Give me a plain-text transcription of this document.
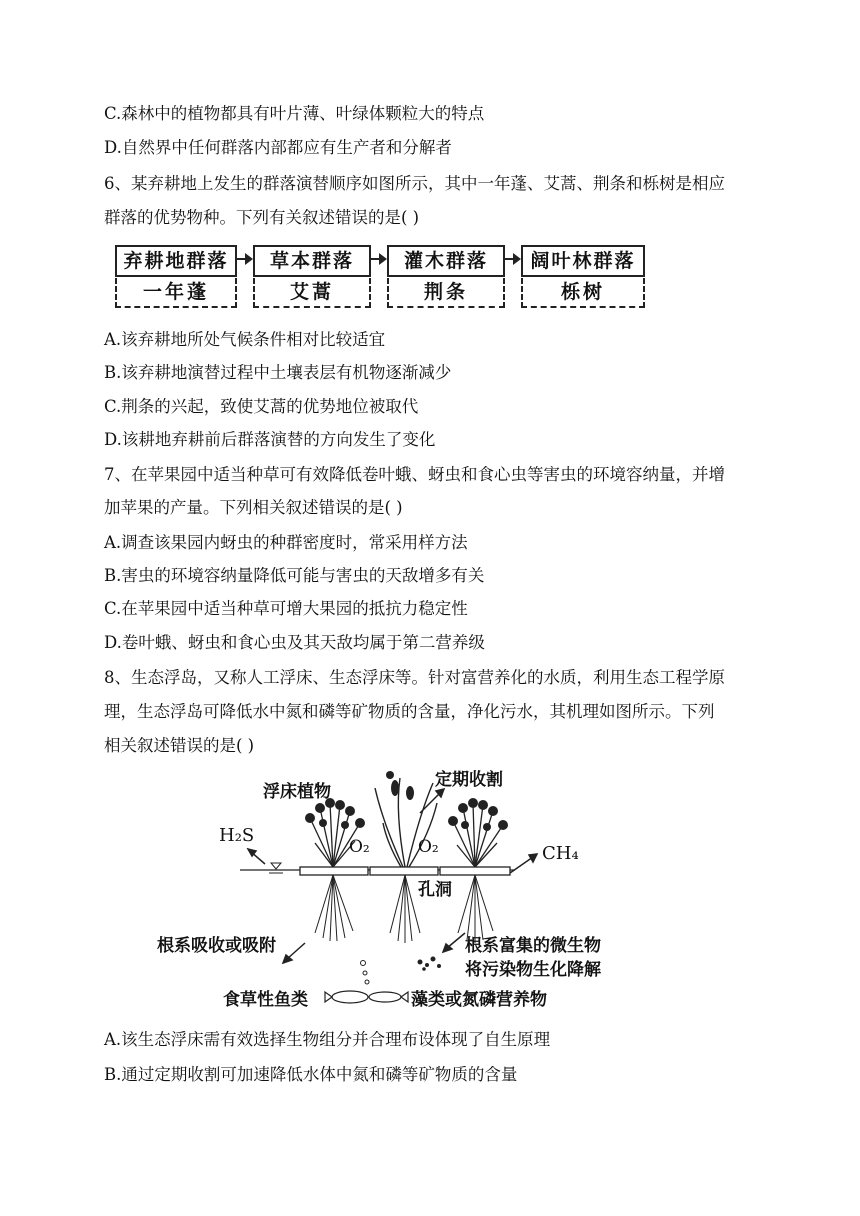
C.森林中的植物都具有叶片薄、叶绿体颗粒大的特点
D.自然界中任何群落内部都应有生产者和分解者
6、某弃耕地上发生的群落演替顺序如图所示，其中一年蓬、艾蒿、荆条和栎树是相应
群落的优势物种。下列有关叙述错误的是( )
弃耕地群落	草本群落	灌木群落	阔叶林群落
一年蓬	艾蒿	荆条	栎树
A.该弃耕地所处气候条件相对比较适宜
B.该弃耕地演替过程中土壤表层有机物逐渐减少
C.荆条的兴起，致使艾蒿的优势地位被取代
D.该耕地弃耕前后群落演替的方向发生了变化
7、在苹果园中适当种草可有效降低卷叶蛾、蚜虫和食心虫等害虫的环境容纳量，并增
加苹果的产量。下列相关叙述错误的是( )
A.调查该果园内蚜虫的种群密度时，常采用样方法
B.害虫的环境容纳量降低可能与害虫的天敌增多有关
C.在苹果园中适当种草可增大果园的抵抗力稳定性
D.卷叶蛾、蚜虫和食心虫及其天敌均属于第二营养级
8、生态浮岛，又称人工浮床、生态浮床等。针对富营养化的水质，利用生态工程学原
理，生态浮岛可降低水中氮和磷等矿物质的含量，净化污水，其机理如图所示。下列
相关叙述错误的是( )
浮床植物
定期收割
H₂S
CH₄
O₂	O₂
孔洞
根系吸收或吸附	根系富集的微生物
将污染物生化降解
食草性鱼类	藻类或氮磷营养物
A.该生态浮床需有效选择生物组分并合理布设体现了自生原理
B.通过定期收割可加速降低水体中氮和磷等矿物质的含量
